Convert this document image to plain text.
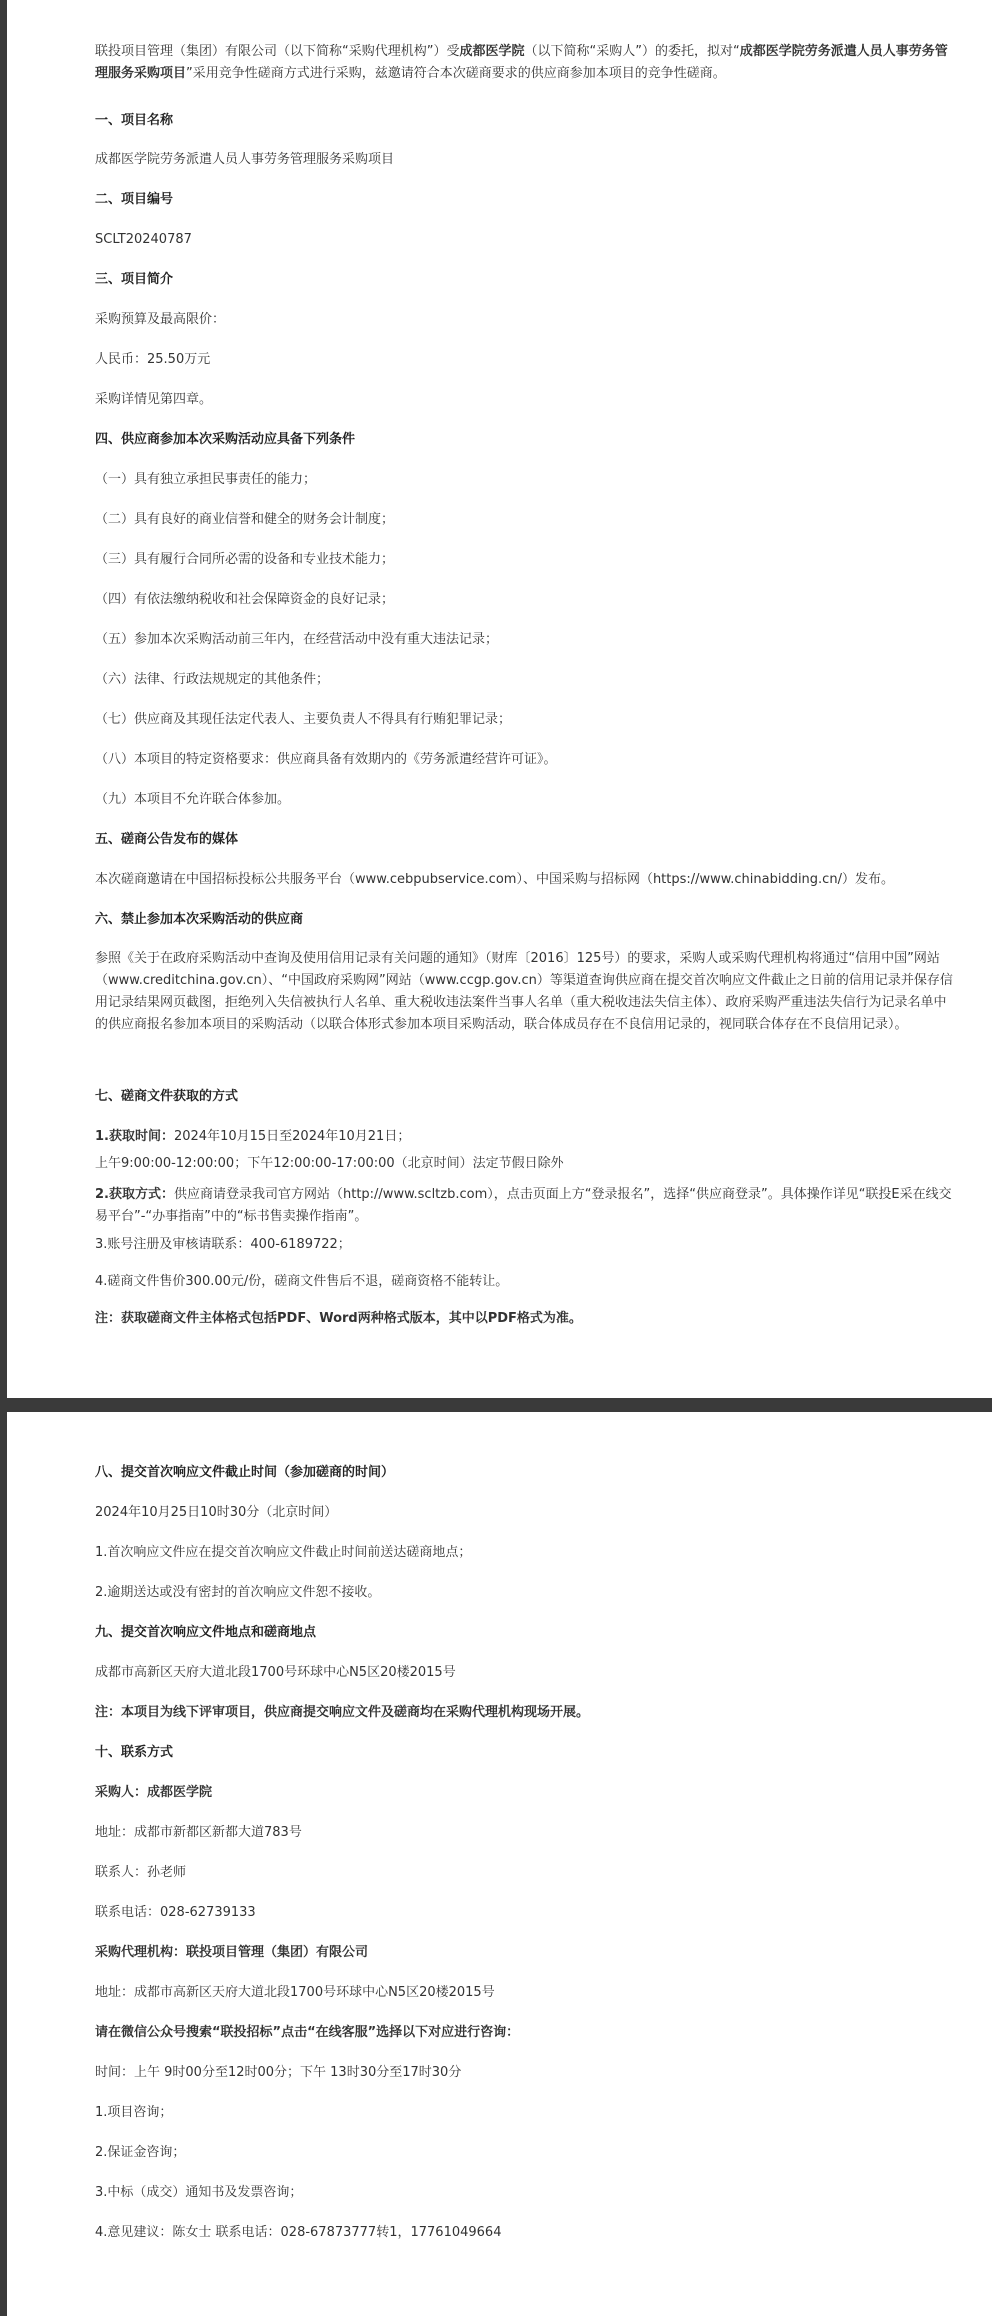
联投项目管理（集团）有限公司（以下简称“采购代理机构”）受成都医学院（以下简称“采购人”）的委托，拟对“成都医学院劳务派遣人员人事劳务管理服务采购项目”采用竞争性磋商方式进行采购，兹邀请符合本次磋商要求的供应商参加本项目的竞争性磋商。

一、项目名称

成都医学院劳务派遣人员人事劳务管理服务采购项目

二、项目编号

SCLT20240787

三、项目简介

采购预算及最高限价：

人民币：25.50万元

采购详情见第四章。

四、供应商参加本次采购活动应具备下列条件

（一）具有独立承担民事责任的能力；

（二）具有良好的商业信誉和健全的财务会计制度；

（三）具有履行合同所必需的设备和专业技术能力；

（四）有依法缴纳税收和社会保障资金的良好记录；

（五）参加本次采购活动前三年内，在经营活动中没有重大违法记录；

（六）法律、行政法规规定的其他条件；

（七）供应商及其现任法定代表人、主要负责人不得具有行贿犯罪记录；

（八）本项目的特定资格要求：供应商具备有效期内的《劳务派遣经营许可证》。

（九）本项目不允许联合体参加。

五、磋商公告发布的媒体

本次磋商邀请在中国招标投标公共服务平台（www.cebpubservice.com）、中国采购与招标网（https://www.chinabidding.cn/）发布。

六、禁止参加本次采购活动的供应商

参照《关于在政府采购活动中查询及使用信用记录有关问题的通知》（财库〔2016〕125号）的要求，采购人或采购代理机构将通过“信用中国”网站（www.creditchina.gov.cn）、“中国政府采购网”网站（www.ccgp.gov.cn）等渠道查询供应商在提交首次响应文件截止之日前的信用记录并保存信用记录结果网页截图，拒绝列入失信被执行人名单、重大税收违法案件当事人名单（重大税收违法失信主体）、政府采购严重违法失信行为记录名单中的供应商报名参加本项目的采购活动（以联合体形式参加本项目采购活动，联合体成员存在不良信用记录的，视同联合体存在不良信用记录）。

七、磋商文件获取的方式

1.获取时间：2024年10月15日至2024年10月21日；

上午9:00:00-12:00:00；下午12:00:00-17:00:00（北京时间）法定节假日除外

2.获取方式：供应商请登录我司官方网站（http://www.scltzb.com），点击页面上方“登录报名”，选择“供应商登录”。具体操作详见“联投E采在线交易平台”-“办事指南”中的“标书售卖操作指南”。

3.账号注册及审核请联系：400-6189722；

4.磋商文件售价300.00元/份，磋商文件售后不退，磋商资格不能转让。

注：获取磋商文件主体格式包括PDF、Word两种格式版本，其中以PDF格式为准。

八、提交首次响应文件截止时间（参加磋商的时间）

2024年10月25日10时30分（北京时间）

1.首次响应文件应在提交首次响应文件截止时间前送达磋商地点；

2.逾期送达或没有密封的首次响应文件恕不接收。

九、提交首次响应文件地点和磋商地点

成都市高新区天府大道北段1700号环球中心N5区20楼2015号

注：本项目为线下评审项目，供应商提交响应文件及磋商均在采购代理机构现场开展。

十、联系方式

采购人：成都医学院

地址：成都市新都区新都大道783号

联系人：孙老师

联系电话：028-62739133

采购代理机构：联投项目管理（集团）有限公司

地址：成都市高新区天府大道北段1700号环球中心N5区20楼2015号

请在微信公众号搜索“联投招标”点击“在线客服”选择以下对应进行咨询：

时间：上午 9时00分至12时00分；下午 13时30分至17时30分

1.项目咨询；

2.保证金咨询；

3.中标（成交）通知书及发票咨询；

4.意见建议：陈女士 联系电话：028-67873777转1，17761049664
